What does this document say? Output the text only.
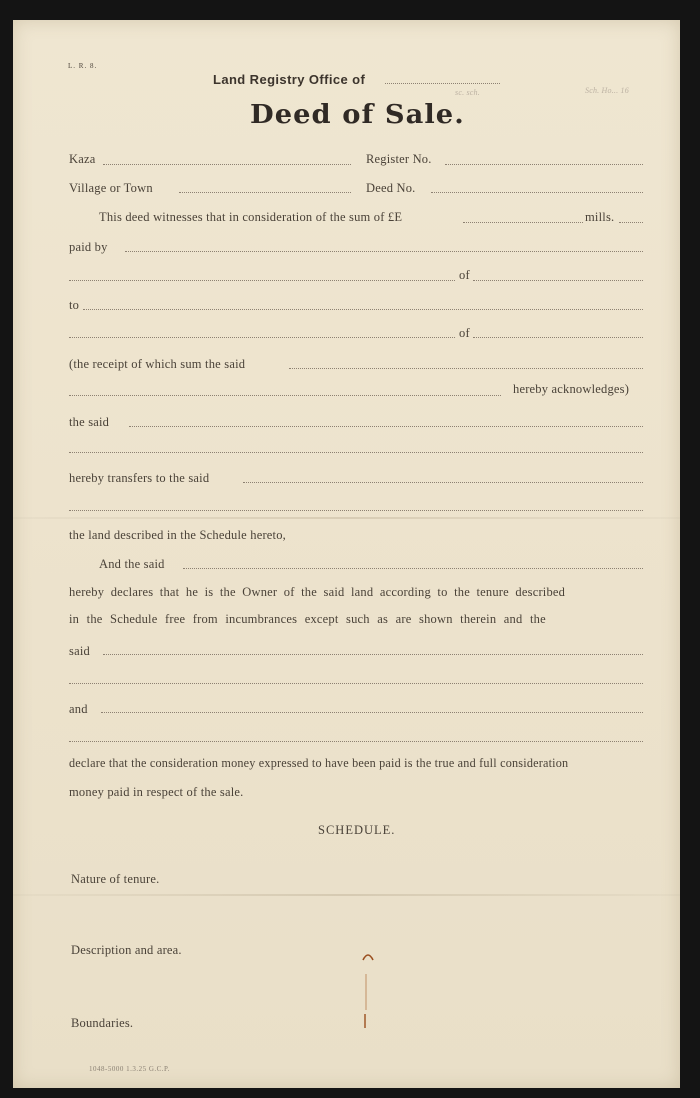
L. R. 8.
Land Registry Office of
sc. sch.	Sch. Ho... 16
Deed of Sale.
Kaza	Register No.
Village or Town	Deed No.
This deed witnesses that in consideration of the sum of £E	mills.
paid by
of
to
of
(the receipt of which sum the said
hereby acknowledges)
the said
hereby transfers to the said
the land described in the Schedule hereto,
And the said
hereby declares that he is the Owner of the said land according to the tenure described
in the Schedule free from incumbrances except such as are shown therein and the
said
and
declare that the consideration money expressed to have been paid is the true and full consideration
money paid in respect of the sale.
SCHEDULE.
Nature of tenure.
Description and area.
Boundaries.
1048-5000 1.3.25 G.C.P.
